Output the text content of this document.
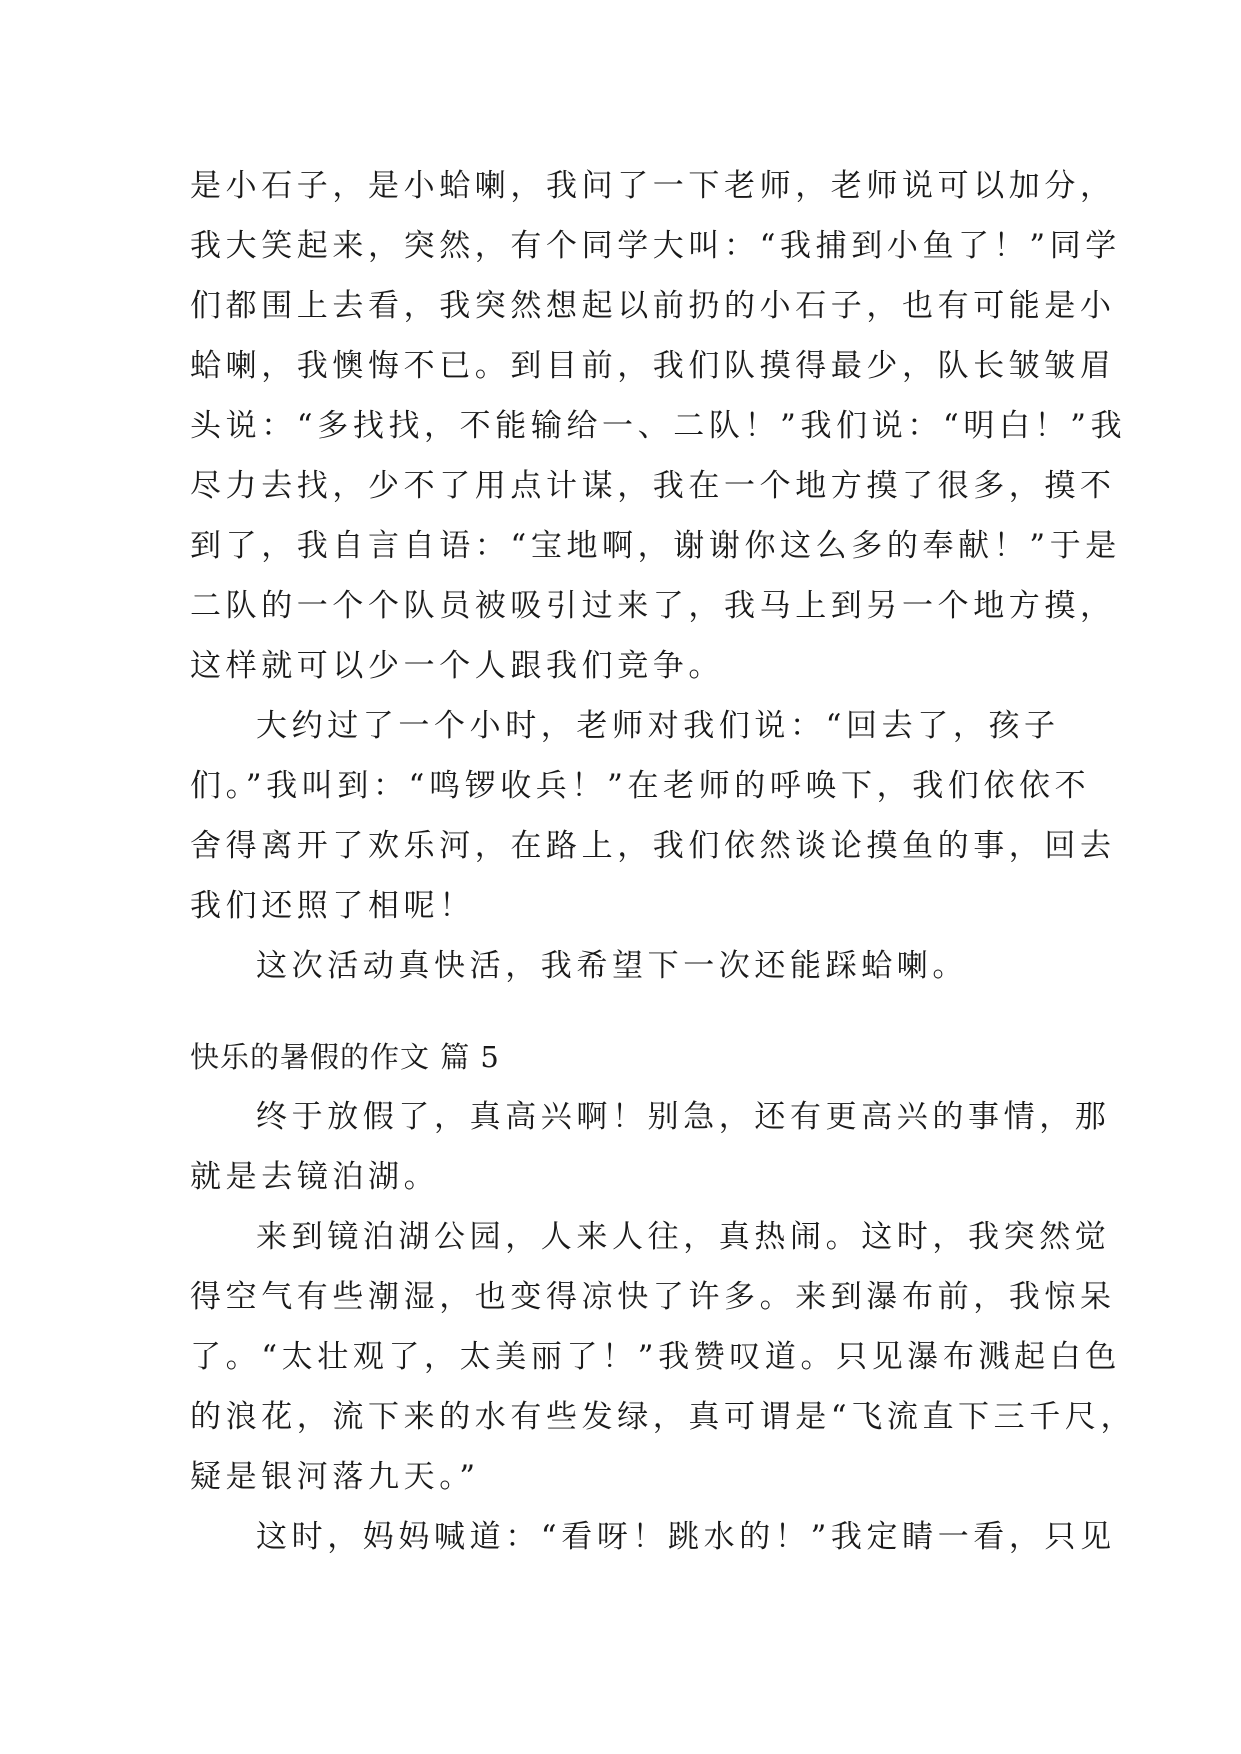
是小石子，是小蛤喇，我问了一下老师，老师说可以加分，
我大笑起来，突然，有个同学大叫：“我捕到小鱼了！”同学
们都围上去看，我突然想起以前扔的小石子，也有可能是小
蛤喇，我懊悔不已。到目前，我们队摸得最少，队长皱皱眉
头说：“多找找，不能输给一、二队！”我们说：“明白！”我
尽力去找，少不了用点计谋，我在一个地方摸了很多，摸不
到了，我自言自语：“宝地啊，谢谢你这么多的奉献！”于是
二队的一个个队员被吸引过来了，我马上到另一个地方摸，
这样就可以少一个人跟我们竞争。
大约过了一个小时，老师对我们说：“回去了，孩子
们。”我叫到：“鸣锣收兵！”在老师的呼唤下，我们依依不
舍得离开了欢乐河，在路上，我们依然谈论摸鱼的事，回去
我们还照了相呢！
这次活动真快活，我希望下一次还能踩蛤喇。
快乐的暑假的作文 篇 5
终于放假了，真高兴啊！别急，还有更高兴的事情，那
就是去镜泊湖。
来到镜泊湖公园，人来人往，真热闹。这时，我突然觉
得空气有些潮湿，也变得凉快了许多。来到瀑布前，我惊呆
了。“太壮观了，太美丽了！”我赞叹道。只见瀑布溅起白色
的浪花，流下来的水有些发绿，真可谓是“飞流直下三千尺，
疑是银河落九天。”
这时，妈妈喊道：“看呀！跳水的！”我定睛一看，只见
